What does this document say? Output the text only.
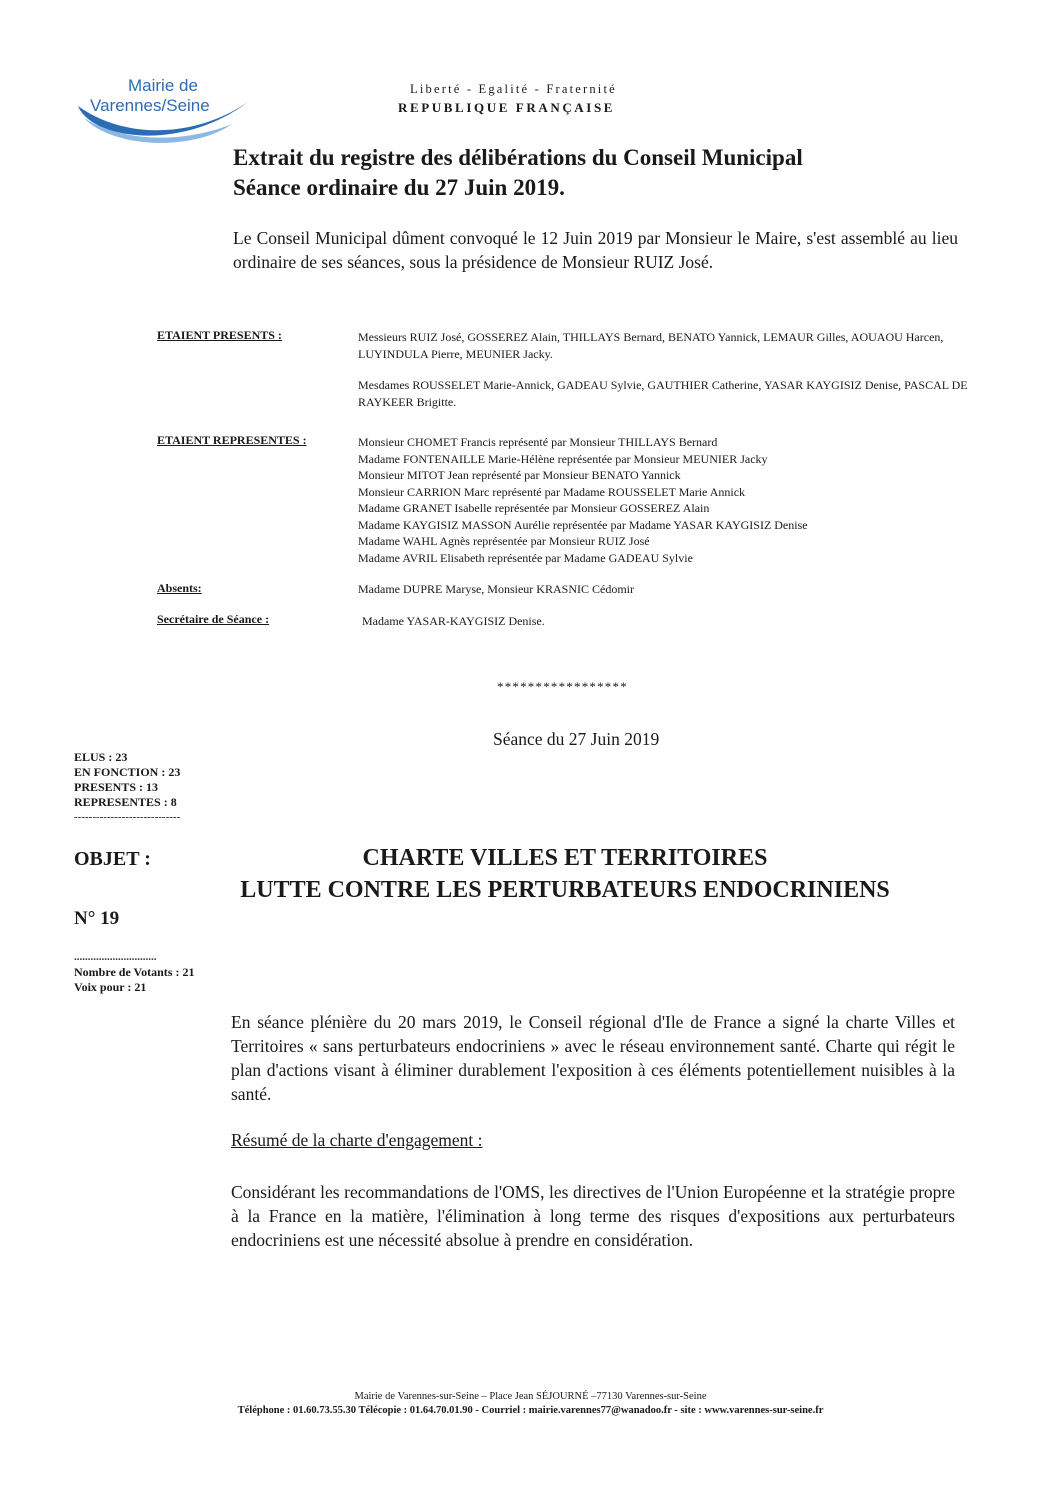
Mairie de
Varennes/Seine
Liberté - Egalité - Fraternité
REPUBLIQUE FRANÇAISE
Extrait du registre des délibérations du Conseil Municipal
Séance ordinaire du 27 Juin 2019.
Le Conseil Municipal dûment convoqué le 12 Juin 2019 par Monsieur le Maire, s'est assemblé au lieu ordinaire de ses séances, sous la présidence de Monsieur RUIZ José.
ETAIENT PRESENTS :	Messieurs RUIZ José, GOSSEREZ Alain, THILLAYS Bernard, BENATO Yannick, LEMAUR Gilles, AOUAOU Harcen, LUYINDULA Pierre, MEUNIER Jacky.
Mesdames ROUSSELET Marie-Annick, GADEAU Sylvie, GAUTHIER Catherine, YASAR KAYGISIZ Denise, PASCAL DE RAYKEER Brigitte.
ETAIENT REPRESENTES :	Monsieur CHOMET Francis représenté par Monsieur THILLAYS Bernard
Madame FONTENAILLE Marie-Hélène représentée par Monsieur MEUNIER Jacky
Monsieur MITOT Jean représenté par Monsieur BENATO Yannick
Monsieur CARRION Marc représenté par Madame ROUSSELET Marie Annick
Madame GRANET Isabelle représentée par Monsieur GOSSEREZ Alain
Madame KAYGISIZ MASSON Aurélie représentée par Madame YASAR KAYGISIZ Denise
Madame WAHL Agnès représentée par Monsieur RUIZ José
Madame AVRIL Elisabeth représentée par Madame GADEAU Sylvie
Absents:	Madame DUPRE Maryse, Monsieur KRASNIC Cédomir
Secrétaire de Séance :	Madame YASAR-KAYGISIZ Denise.
*****************
Séance du 27 Juin 2019
ELUS : 23
EN FONCTION : 23
PRESENTS : 13
REPRESENTES : 8
-----------------------------
OBJET :	CHARTE VILLES ET TERRITOIRES
LUTTE CONTRE LES PERTURBATEURS ENDOCRINIENS
N° 19
..............................
Nombre de Votants : 21
Voix pour : 21
En séance plénière du 20 mars 2019, le Conseil régional d'Ile de France a signé la charte Villes et Territoires « sans perturbateurs endocriniens » avec le réseau environnement santé. Charte qui régit le plan d'actions visant à éliminer durablement l'exposition à ces éléments potentiellement nuisibles à la santé.
Résumé de la charte d'engagement :
Considérant les recommandations de l'OMS, les directives de l'Union Européenne et la stratégie propre à la France en la matière, l'élimination à long terme des risques d'expositions aux perturbateurs endocriniens est une nécessité absolue à prendre en considération.
Mairie de Varennes-sur-Seine – Place Jean SÉJOURNÉ –77130 Varennes-sur-Seine
Téléphone : 01.60.73.55.30 Télécopie : 01.64.70.01.90 - Courriel : mairie.varennes77@wanadoo.fr - site : www.varennes-sur-seine.fr
